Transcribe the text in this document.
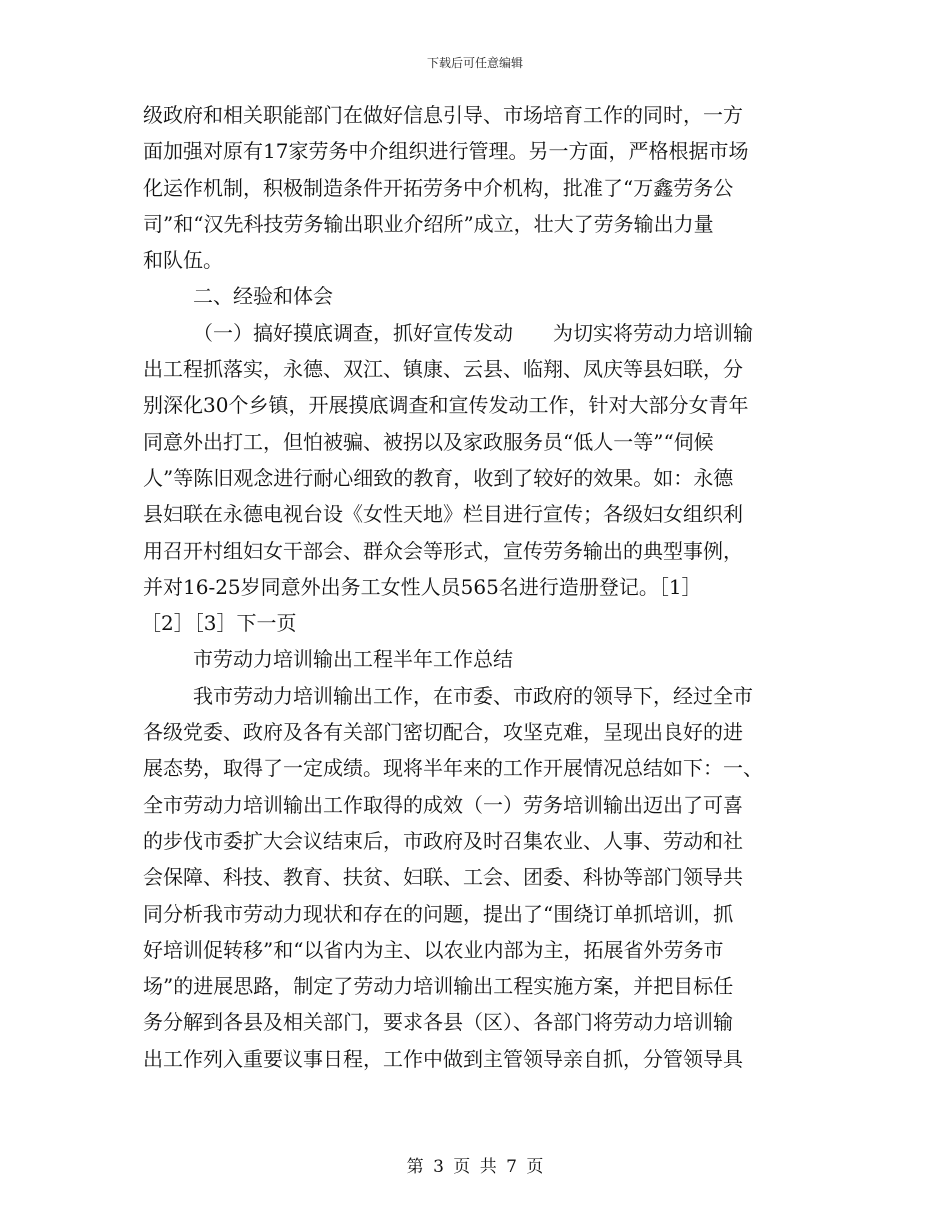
下载后可任意编辑
级政府和相关职能部门在做好信息引导、市场培育工作的同时，一方
面加强对原有17家劳务中介组织进行管理。另一方面，严格根据市场
化运作机制，积极制造条件开拓劳务中介机构，批准了“万鑫劳务公
司”和“汉先科技劳务输出职业介绍所”成立，壮大了劳务输出力量
和队伍。
二、经验和体会
（一）搞好摸底调查，抓好宣传发动　　为切实将劳动力培训输
出工程抓落实，永德、双江、镇康、云县、临翔、凤庆等县妇联，分
别深化30个乡镇，开展摸底调查和宣传发动工作，针对大部分女青年
同意外出打工，但怕被骗、被拐以及家政服务员“低人一等”“伺候
人”等陈旧观念进行耐心细致的教育，收到了较好的效果。如：永德
县妇联在永德电视台设《女性天地》栏目进行宣传；各级妇女组织利
用召开村组妇女干部会、群众会等形式，宣传劳务输出的典型事例，
并对16-25岁同意外出务工女性人员565名进行造册登记。［1］
［2］［3］下一页
市劳动力培训输出工程半年工作总结
我市劳动力培训输出工作，在市委、市政府的领导下，经过全市
各级党委、政府及各有关部门密切配合，攻坚克难，呈现出良好的进
展态势，取得了一定成绩。现将半年来的工作开展情况总结如下：一、
全市劳动力培训输出工作取得的成效（一）劳务培训输出迈出了可喜
的步伐市委扩大会议结束后，市政府及时召集农业、人事、劳动和社
会保障、科技、教育、扶贫、妇联、工会、团委、科协等部门领导共
同分析我市劳动力现状和存在的问题，提出了“围绕订单抓培训，抓
好培训促转移”和“以省内为主、以农业内部为主，拓展省外劳务市
场”的进展思路，制定了劳动力培训输出工程实施方案，并把目标任
务分解到各县及相关部门，要求各县（区）、各部门将劳动力培训输
出工作列入重要议事日程，工作中做到主管领导亲自抓，分管领导具
第 3 页 共 7 页
